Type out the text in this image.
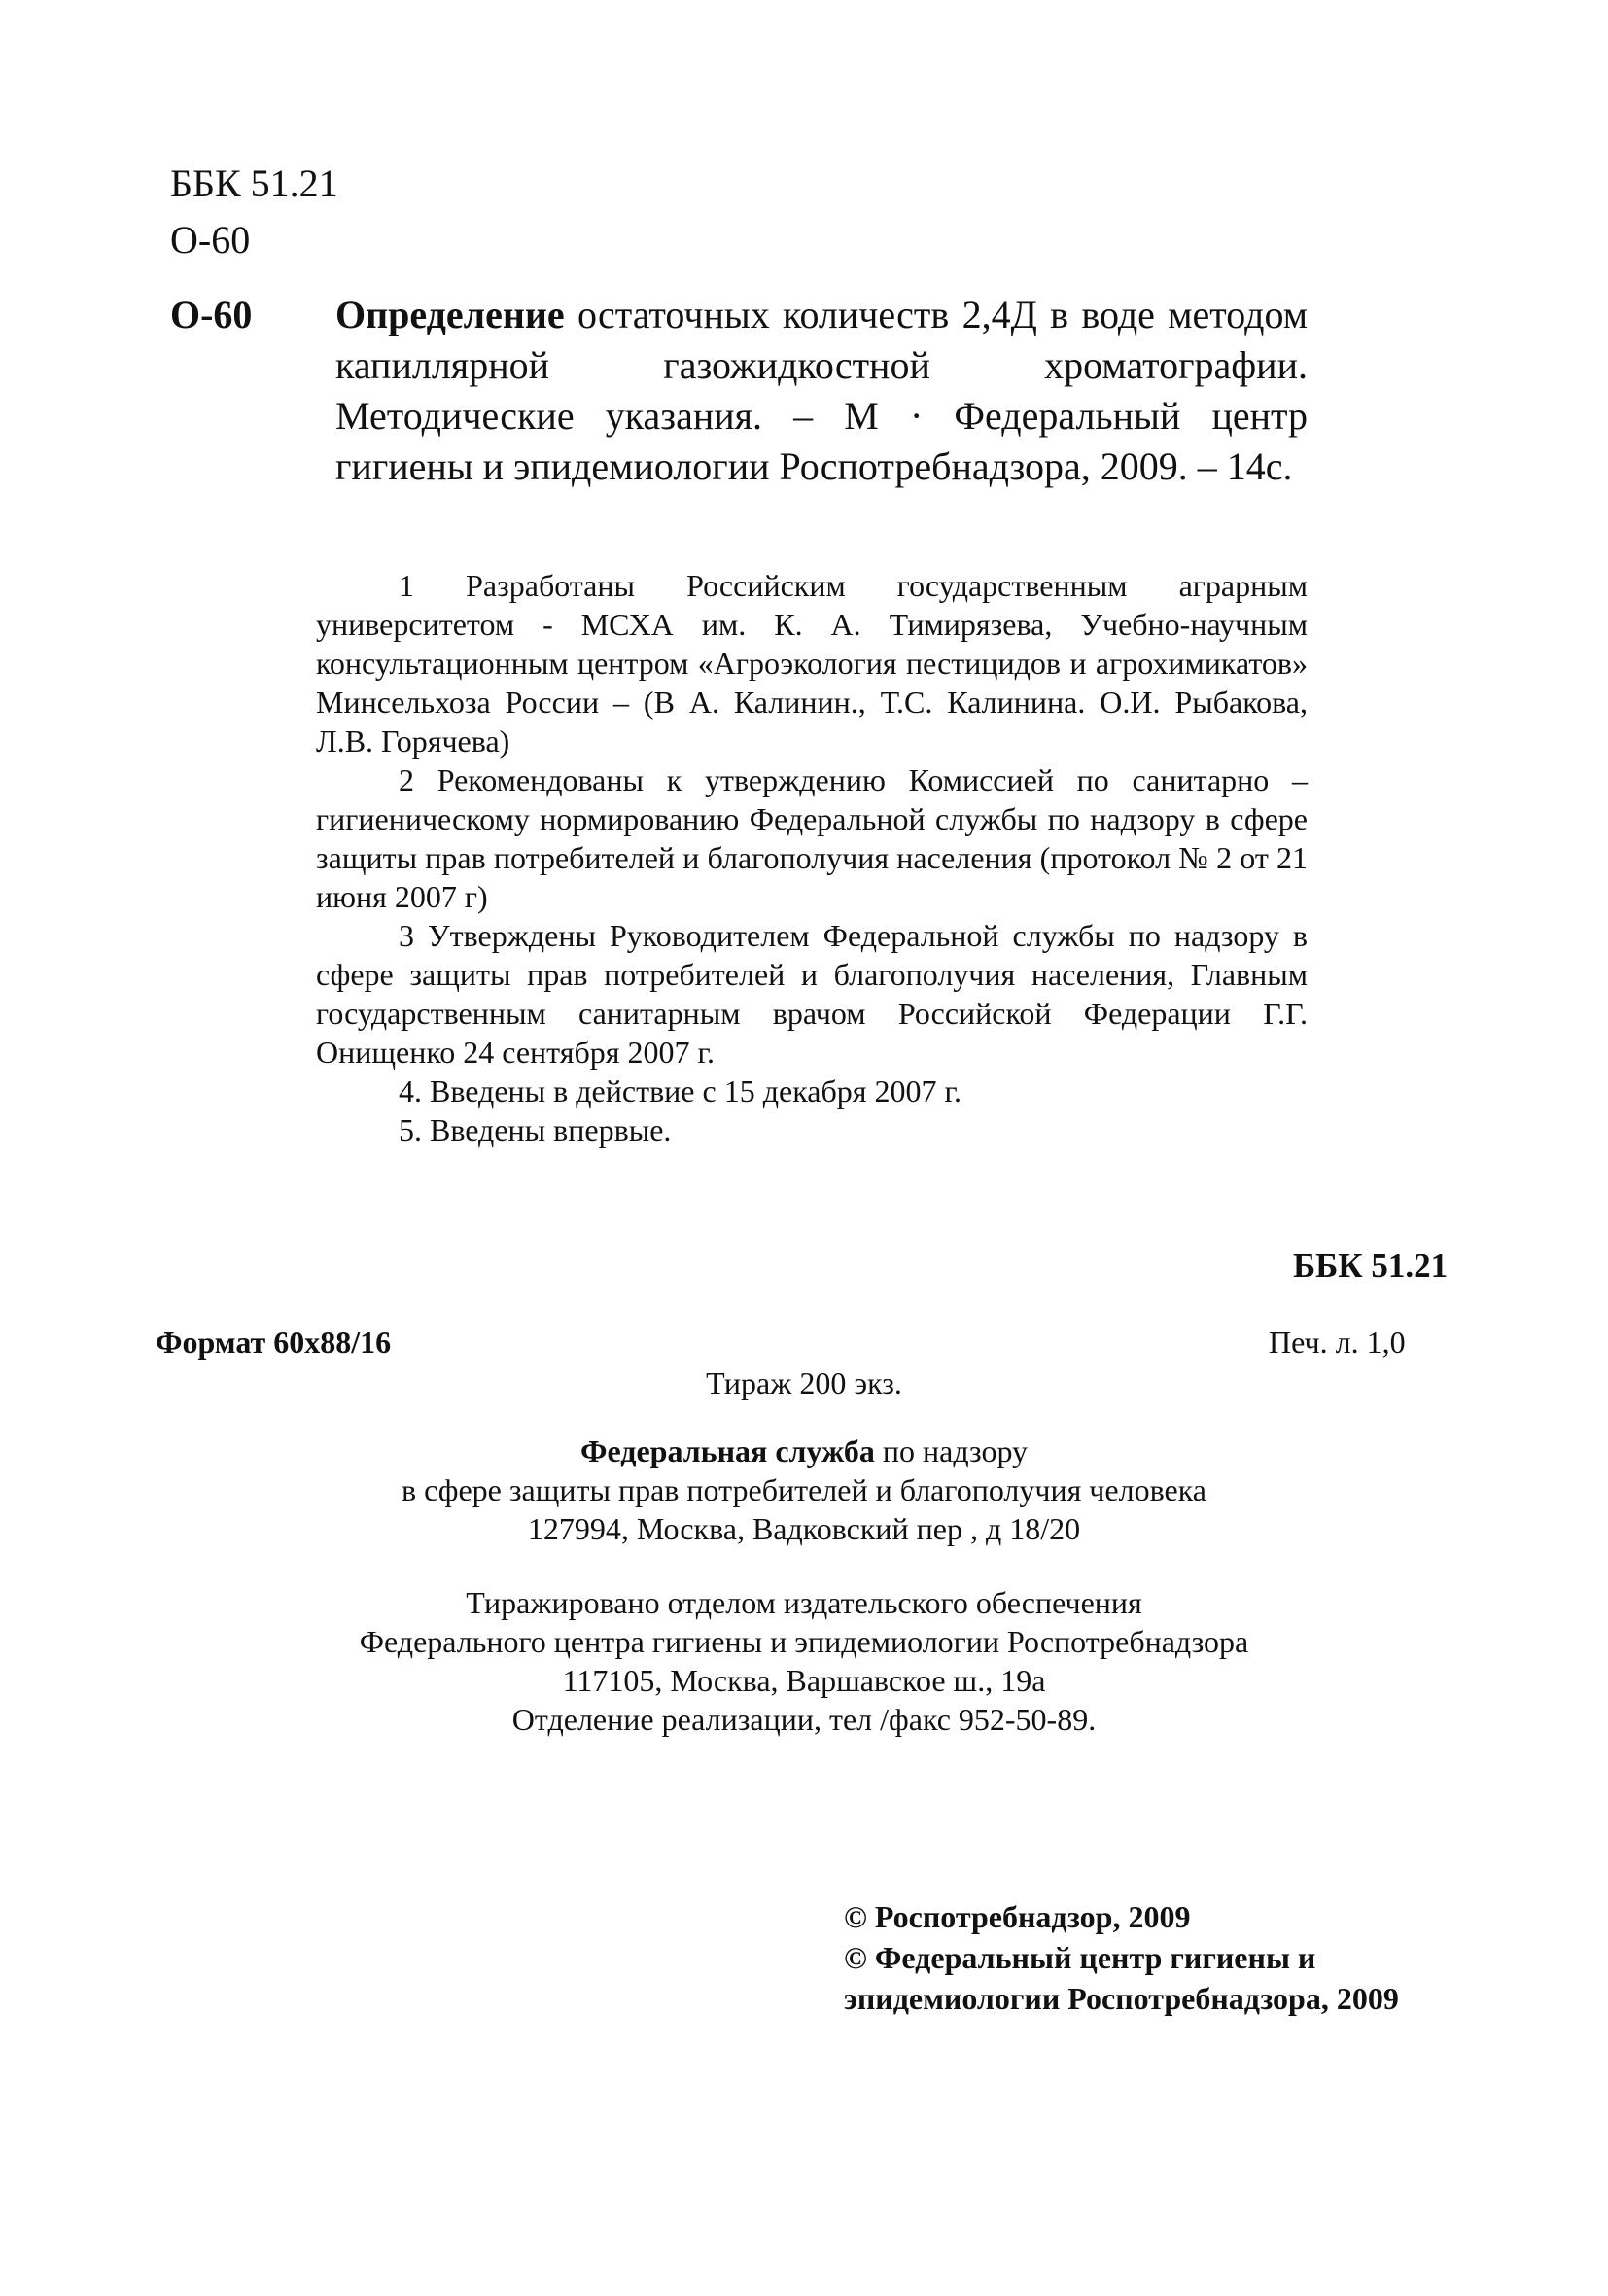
ББК 51.21
О-60
О-60 Определение остаточных количеств 2,4Д в воде методом капиллярной газожидкостной хроматографии. Методические указания. – М · Федеральный центр гигиены и эпидемиологии Роспотребнадзора, 2009. – 14с.

1 Разработаны Российским государственным аграрным университетом - МСХА им. К. А. Тимирязева, Учебно-научным консультационным центром «Агроэкология пестицидов и агрохимикатов» Минсельхоза России – (В А. Калинин., Т.С. Калинина. О.И. Рыбакова, Л.В. Горячева)

2 Рекомендованы к утверждению Комиссией по санитарно – гигиеническому нормированию Федеральной службы по надзору в сфере защиты прав потребителей и благополучия населения (протокол № 2 от 21 июня 2007 г)

3 Утверждены Руководителем Федеральной службы по надзору в сфере защиты прав потребителей и благополучия населения, Главным государственным санитарным врачом Российской Федерации Г.Г. Онищенко 24 сентября 2007 г.

4. Введены в действие с 15 декабря 2007 г.

5. Введены впервые.

ББК 51.21
Формат 60x88/16	Печ. л. 1,0
Тираж 200 экз.
Федеральная служба по надзору
в сфере защиты прав потребителей и благополучия человека
127994, Москва, Вадковский пер , д 18/20
Тиражировано отделом издательского обеспечения
Федерального центра гигиены и эпидемиологии Роспотребнадзора
117105, Москва, Варшавское ш., 19а
Отделение реализации, тел /факс 952-50-89.
© Роспотребнадзор, 2009
© Федеральный центр гигиены и
эпидемиологии Роспотребнадзора, 2009
